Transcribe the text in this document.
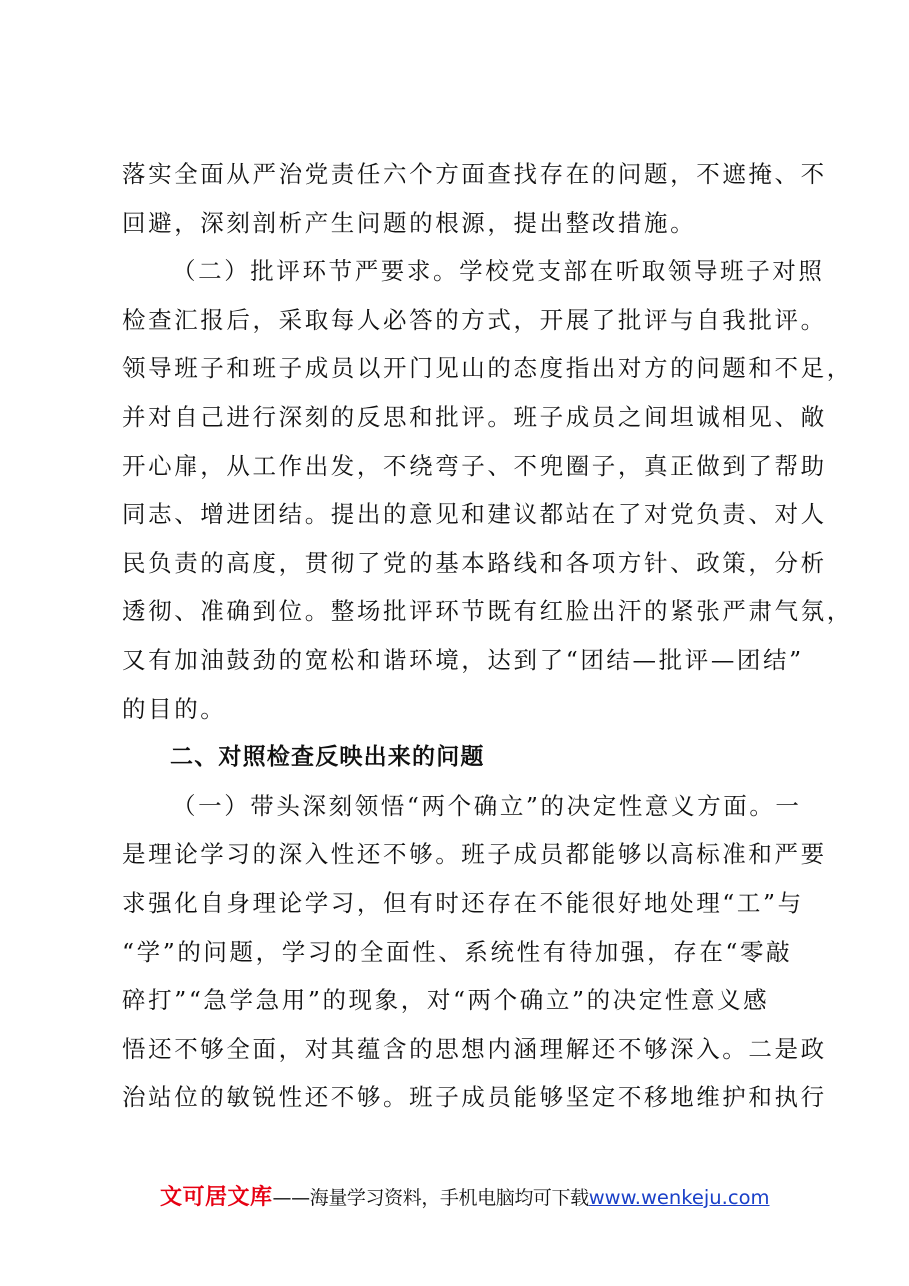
落实全面从严治党责任六个方面查找存在的问题，不遮掩、不

回避，深刻剖析产生问题的根源，提出整改措施。

（二）批评环节严要求。学校党支部在听取领导班子对照

检查汇报后，采取每人必答的方式，开展了批评与自我批评。

领导班子和班子成员以开门见山的态度指出对方的问题和不足，

并对自己进行深刻的反思和批评。班子成员之间坦诚相见、敞

开心扉，从工作出发，不绕弯子、不兜圈子，真正做到了帮助

同志、增进团结。提出的意见和建议都站在了对党负责、对人

民负责的高度，贯彻了党的基本路线和各项方针、政策，分析

透彻、准确到位。整场批评环节既有红脸出汗的紧张严肃气氛，

又有加油鼓劲的宽松和谐环境，达到了“团结—批评—团结”

的目的。

二、对照检查反映出来的问题

（一）带头深刻领悟“两个确立”的决定性意义方面。一

是理论学习的深入性还不够。班子成员都能够以高标准和严要

求强化自身理论学习，但有时还存在不能很好地处理“工”与

“学”的问题，学习的全面性、系统性有待加强，存在“零敲

碎打”“急学急用”的现象，对“两个确立”的决定性意义感

悟还不够全面，对其蕴含的思想内涵理解还不够深入。二是政

治站位的敏锐性还不够。班子成员能够坚定不移地维护和执行

文可居文库——海量学习资料，手机电脑均可下载www.wenkeju.com
